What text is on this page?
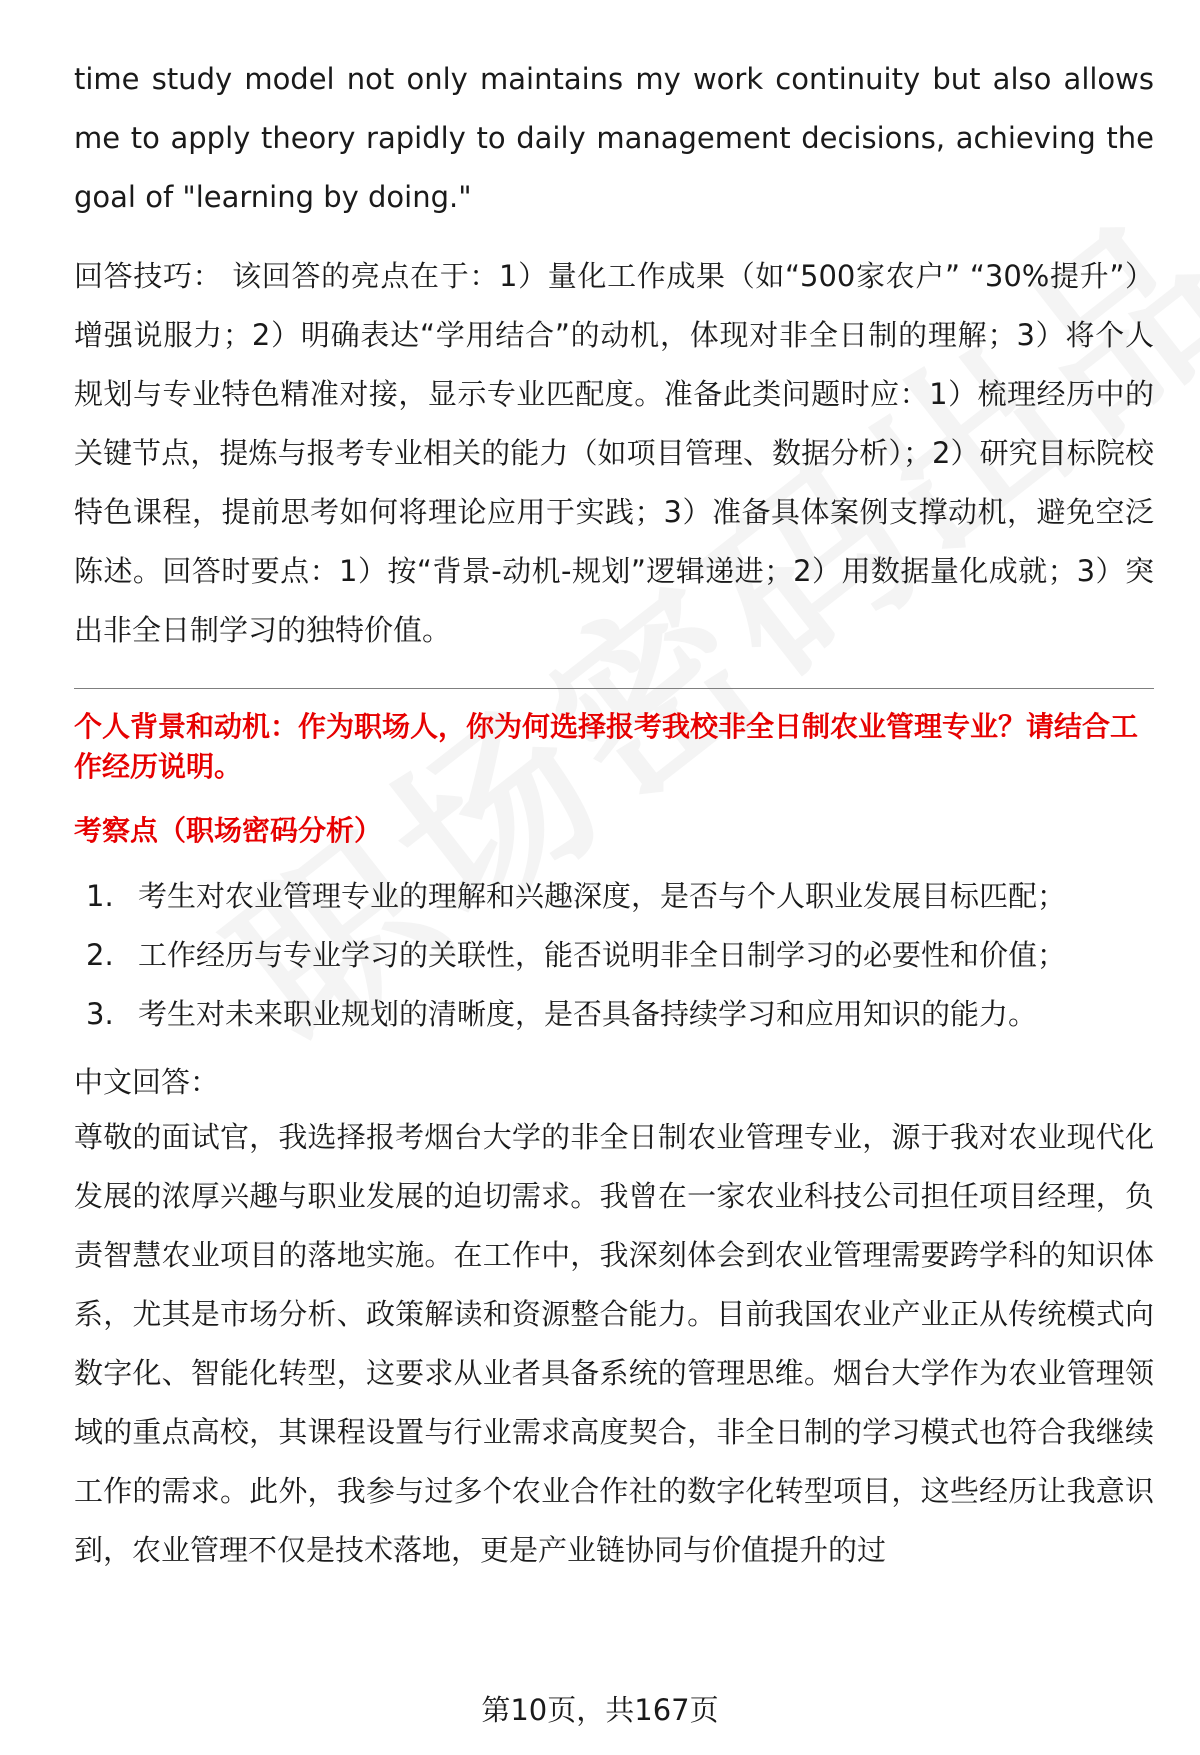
time study model not only maintains my work continuity but also allows me to apply theory rapidly to daily management decisions, achieving the goal of "learning by doing."

回答技巧： 该回答的亮点在于：1）量化工作成果（如“500家农户” “30%提升”）增强说服力；2）明确表达“学用结合”的动机，体现对非全日制的理解；3）将个人规划与专业特色精准对接，显示专业匹配度。准备此类问题时应：1）梳理经历中的关键节点，提炼与报考专业相关的能力（如项目管理、数据分析）；2）研究目标院校特色课程，提前思考如何将理论应用于实践；3）准备具体案例支撑动机，避免空泛陈述。回答时要点：1）按“背景-动机-规划”逻辑递进；2）用数据量化成就；3）突出非全日制学习的独特价值。

个人背景和动机：作为职场人，你为何选择报考我校非全日制农业管理专业？请结合工作经历说明。

考察点（职场密码分析）

1. 考生对农业管理专业的理解和兴趣深度，是否与个人职业发展目标匹配；
2. 工作经历与专业学习的关联性，能否说明非全日制学习的必要性和价值；
3. 考生对未来职业规划的清晰度，是否具备持续学习和应用知识的能力。

中文回答：

尊敬的面试官，我选择报考烟台大学的非全日制农业管理专业，源于我对农业现代化发展的浓厚兴趣与职业发展的迫切需求。我曾在一家农业科技公司担任项目经理，负责智慧农业项目的落地实施。在工作中，我深刻体会到农业管理需要跨学科的知识体系，尤其是市场分析、政策解读和资源整合能力。目前我国农业产业正从传统模式向数字化、智能化转型，这要求从业者具备系统的管理思维。烟台大学作为农业管理领域的重点高校，其课程设置与行业需求高度契合，非全日制的学习模式也符合我继续工作的需求。此外，我参与过多个农业合作社的数字化转型项目，这些经历让我意识到，农业管理不仅是技术落地，更是产业链协同与价值提升的过

第10页，共167页
